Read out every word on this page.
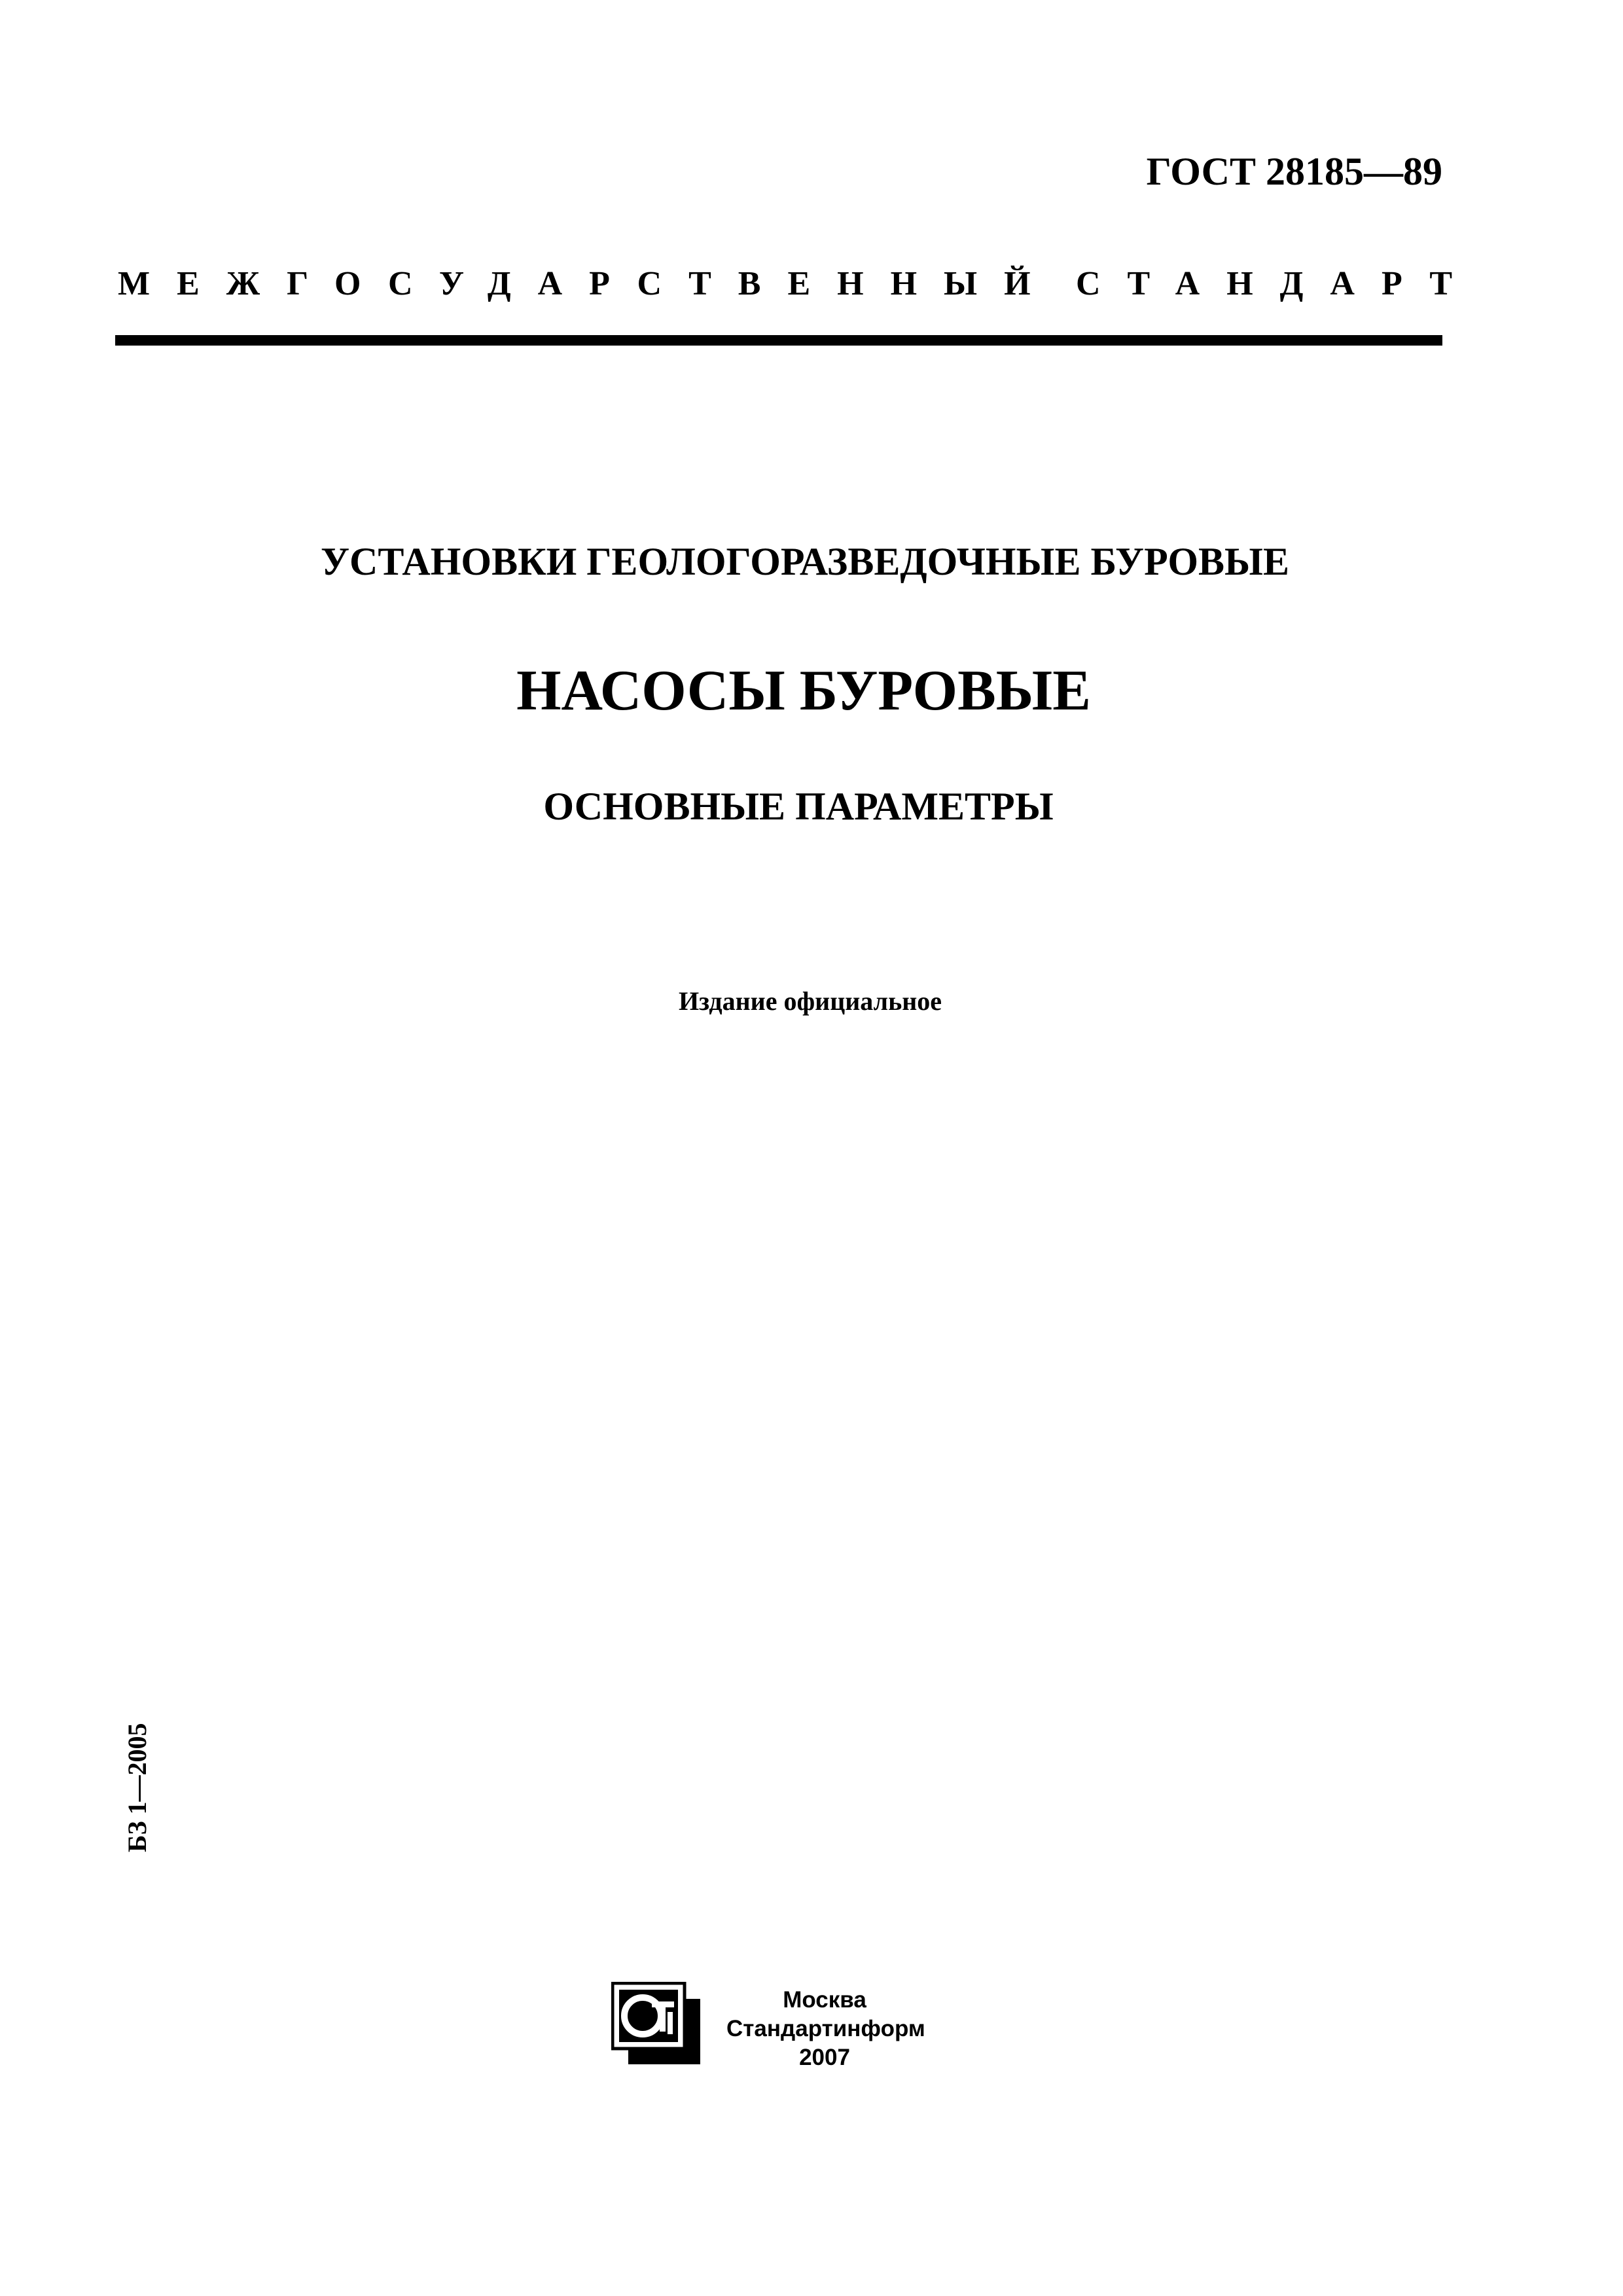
ГОСТ 28185—89
МЕЖГОСУДАРСТВЕННЫЙ СТАНДАРТ
УСТАНОВКИ ГЕОЛОГОРАЗВЕДОЧНЫЕ БУРОВЫЕ
НАСОСЫ БУРОВЫЕ
ОСНОВНЫЕ ПАРАМЕТРЫ
Издание официальное
БЗ 1—2005
Москва
Стандартинформ
2007
